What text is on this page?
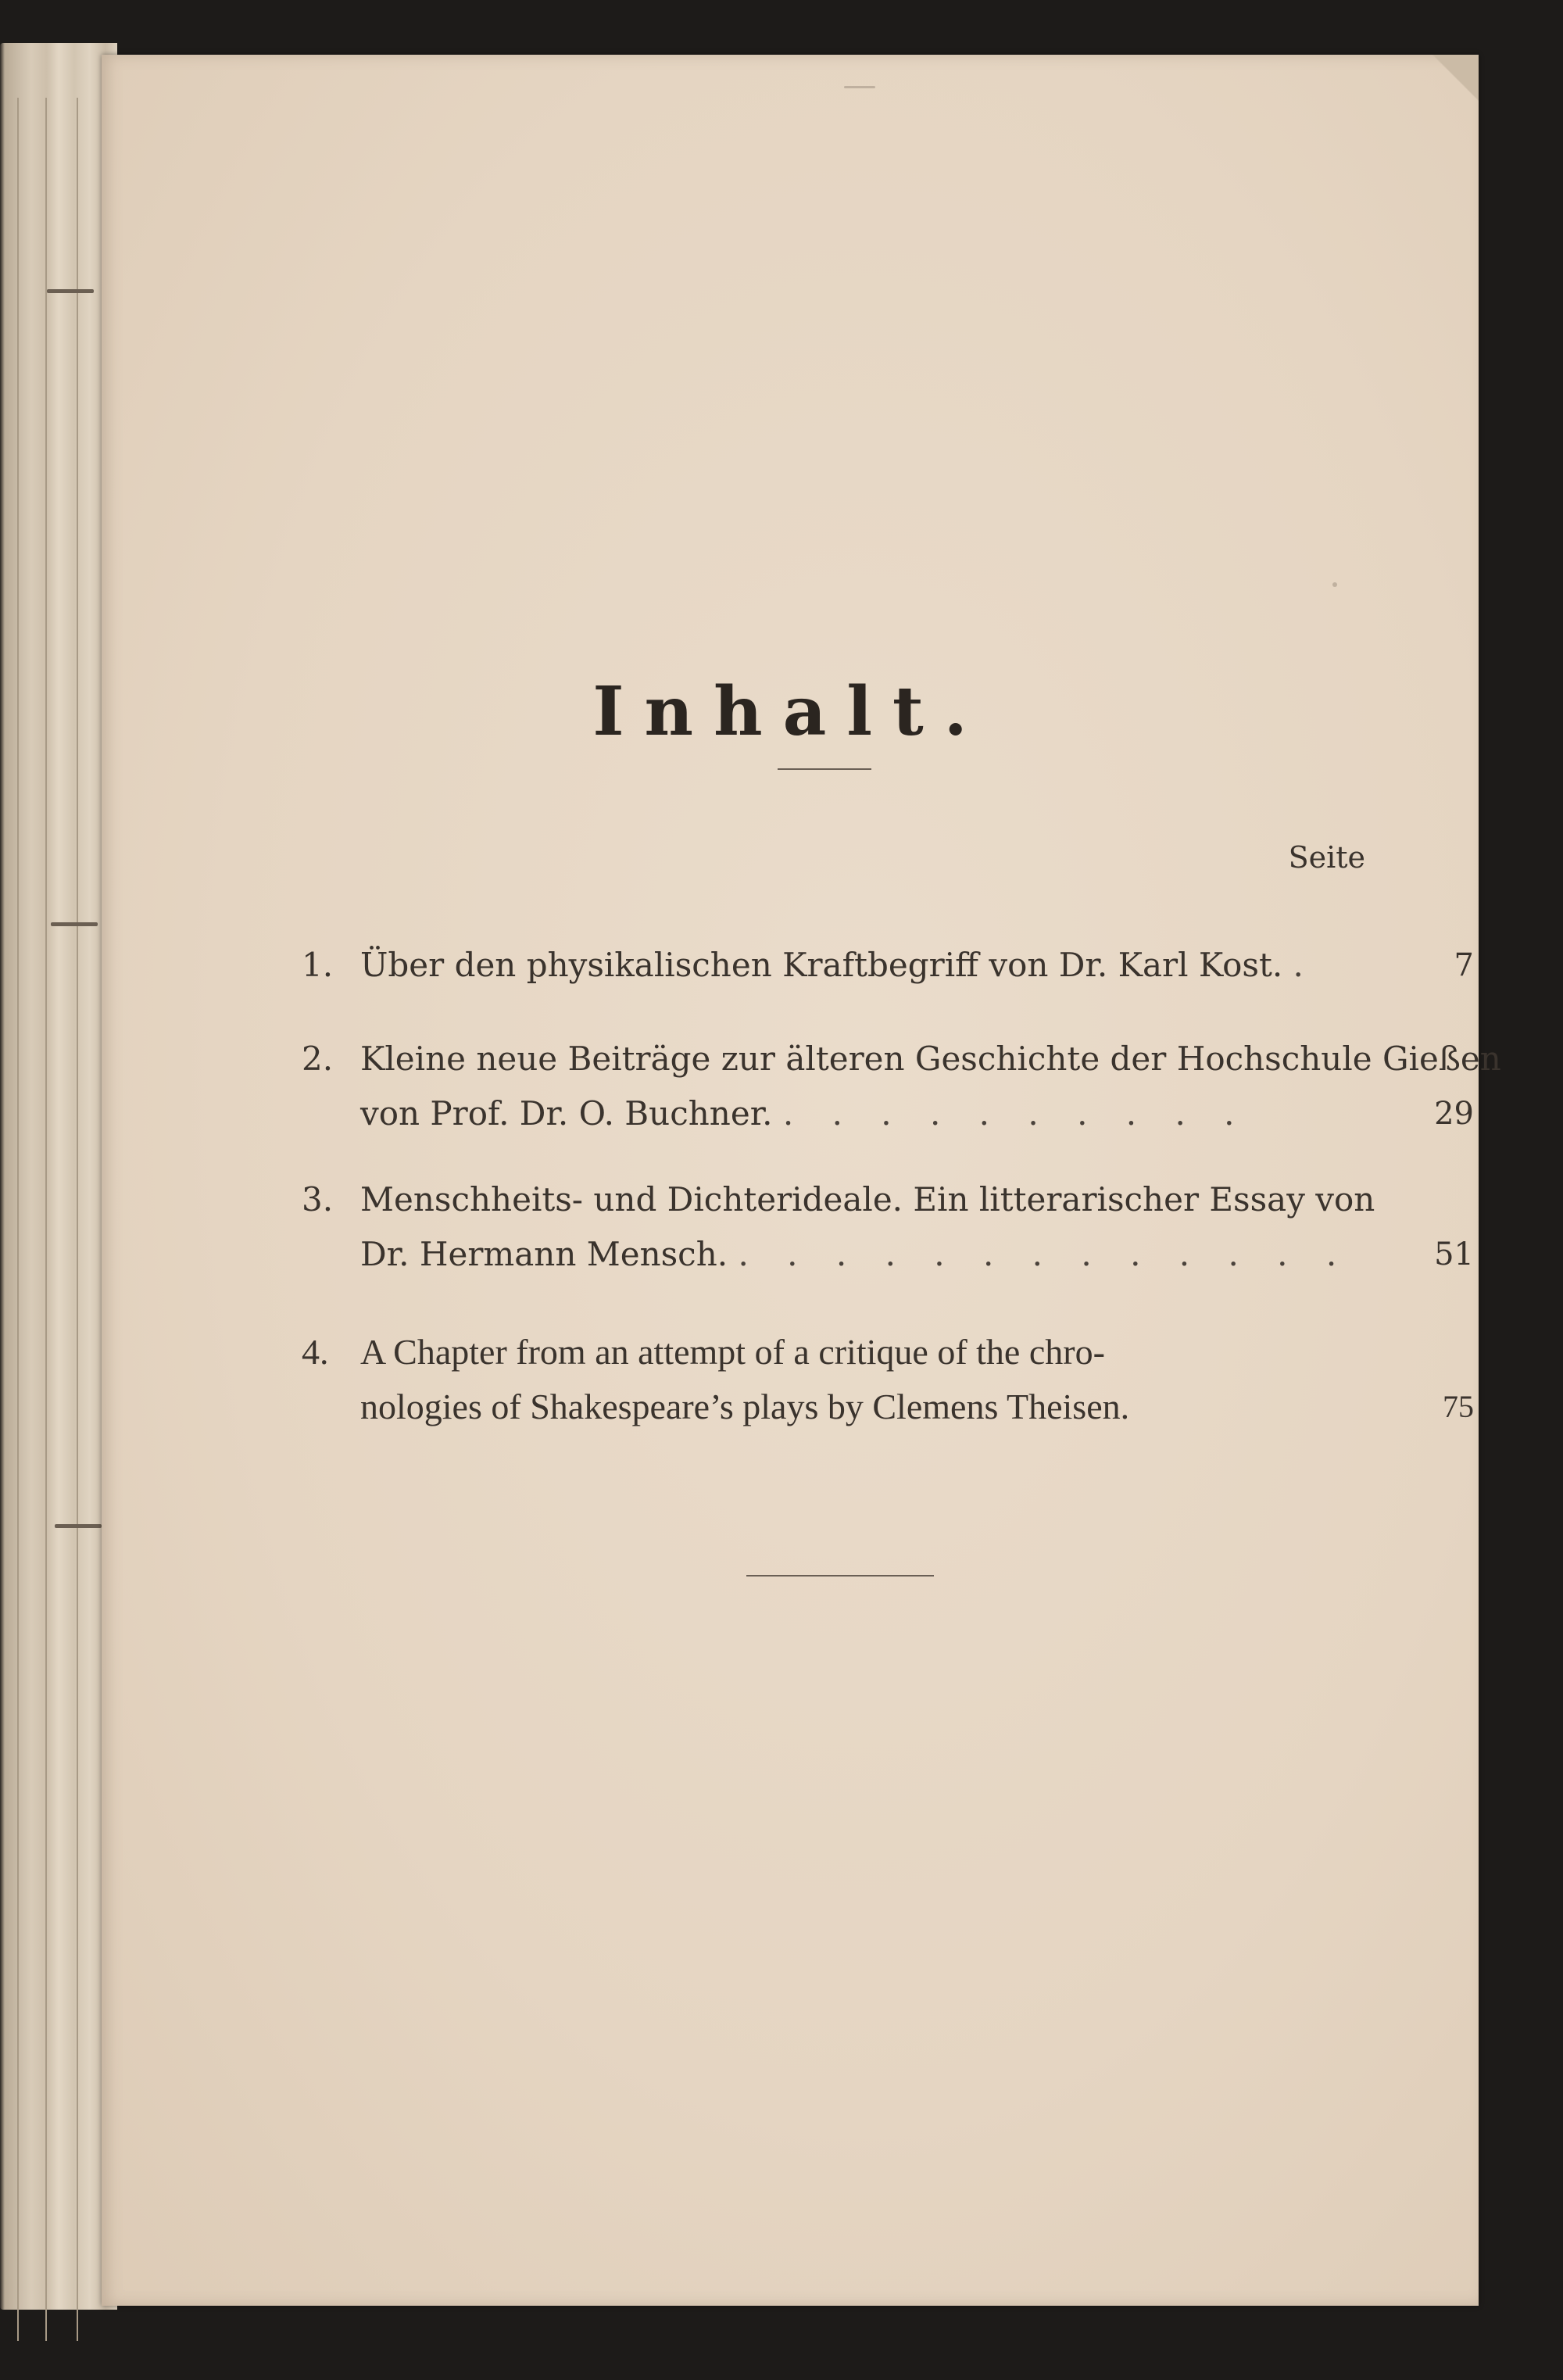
Inhalt.
Seite
1. Über den physikalischen Kraftbegriff von Dr. Karl Kost. .	7
2. Kleine neue Beiträge zur älteren Geschichte der Hochschule Gießen
von Prof. Dr. O. Buchner. . . . . . . . . . .	29
3. Menschheits- und Dichterideale. Ein litterarischer Essay von
Dr. Hermann Mensch. . . . . . . . . . . . . .	51
4. A Chapter from an attempt of a critique of the chro-
nologies of Shakespeare’s plays by Clemens Theisen.	75
